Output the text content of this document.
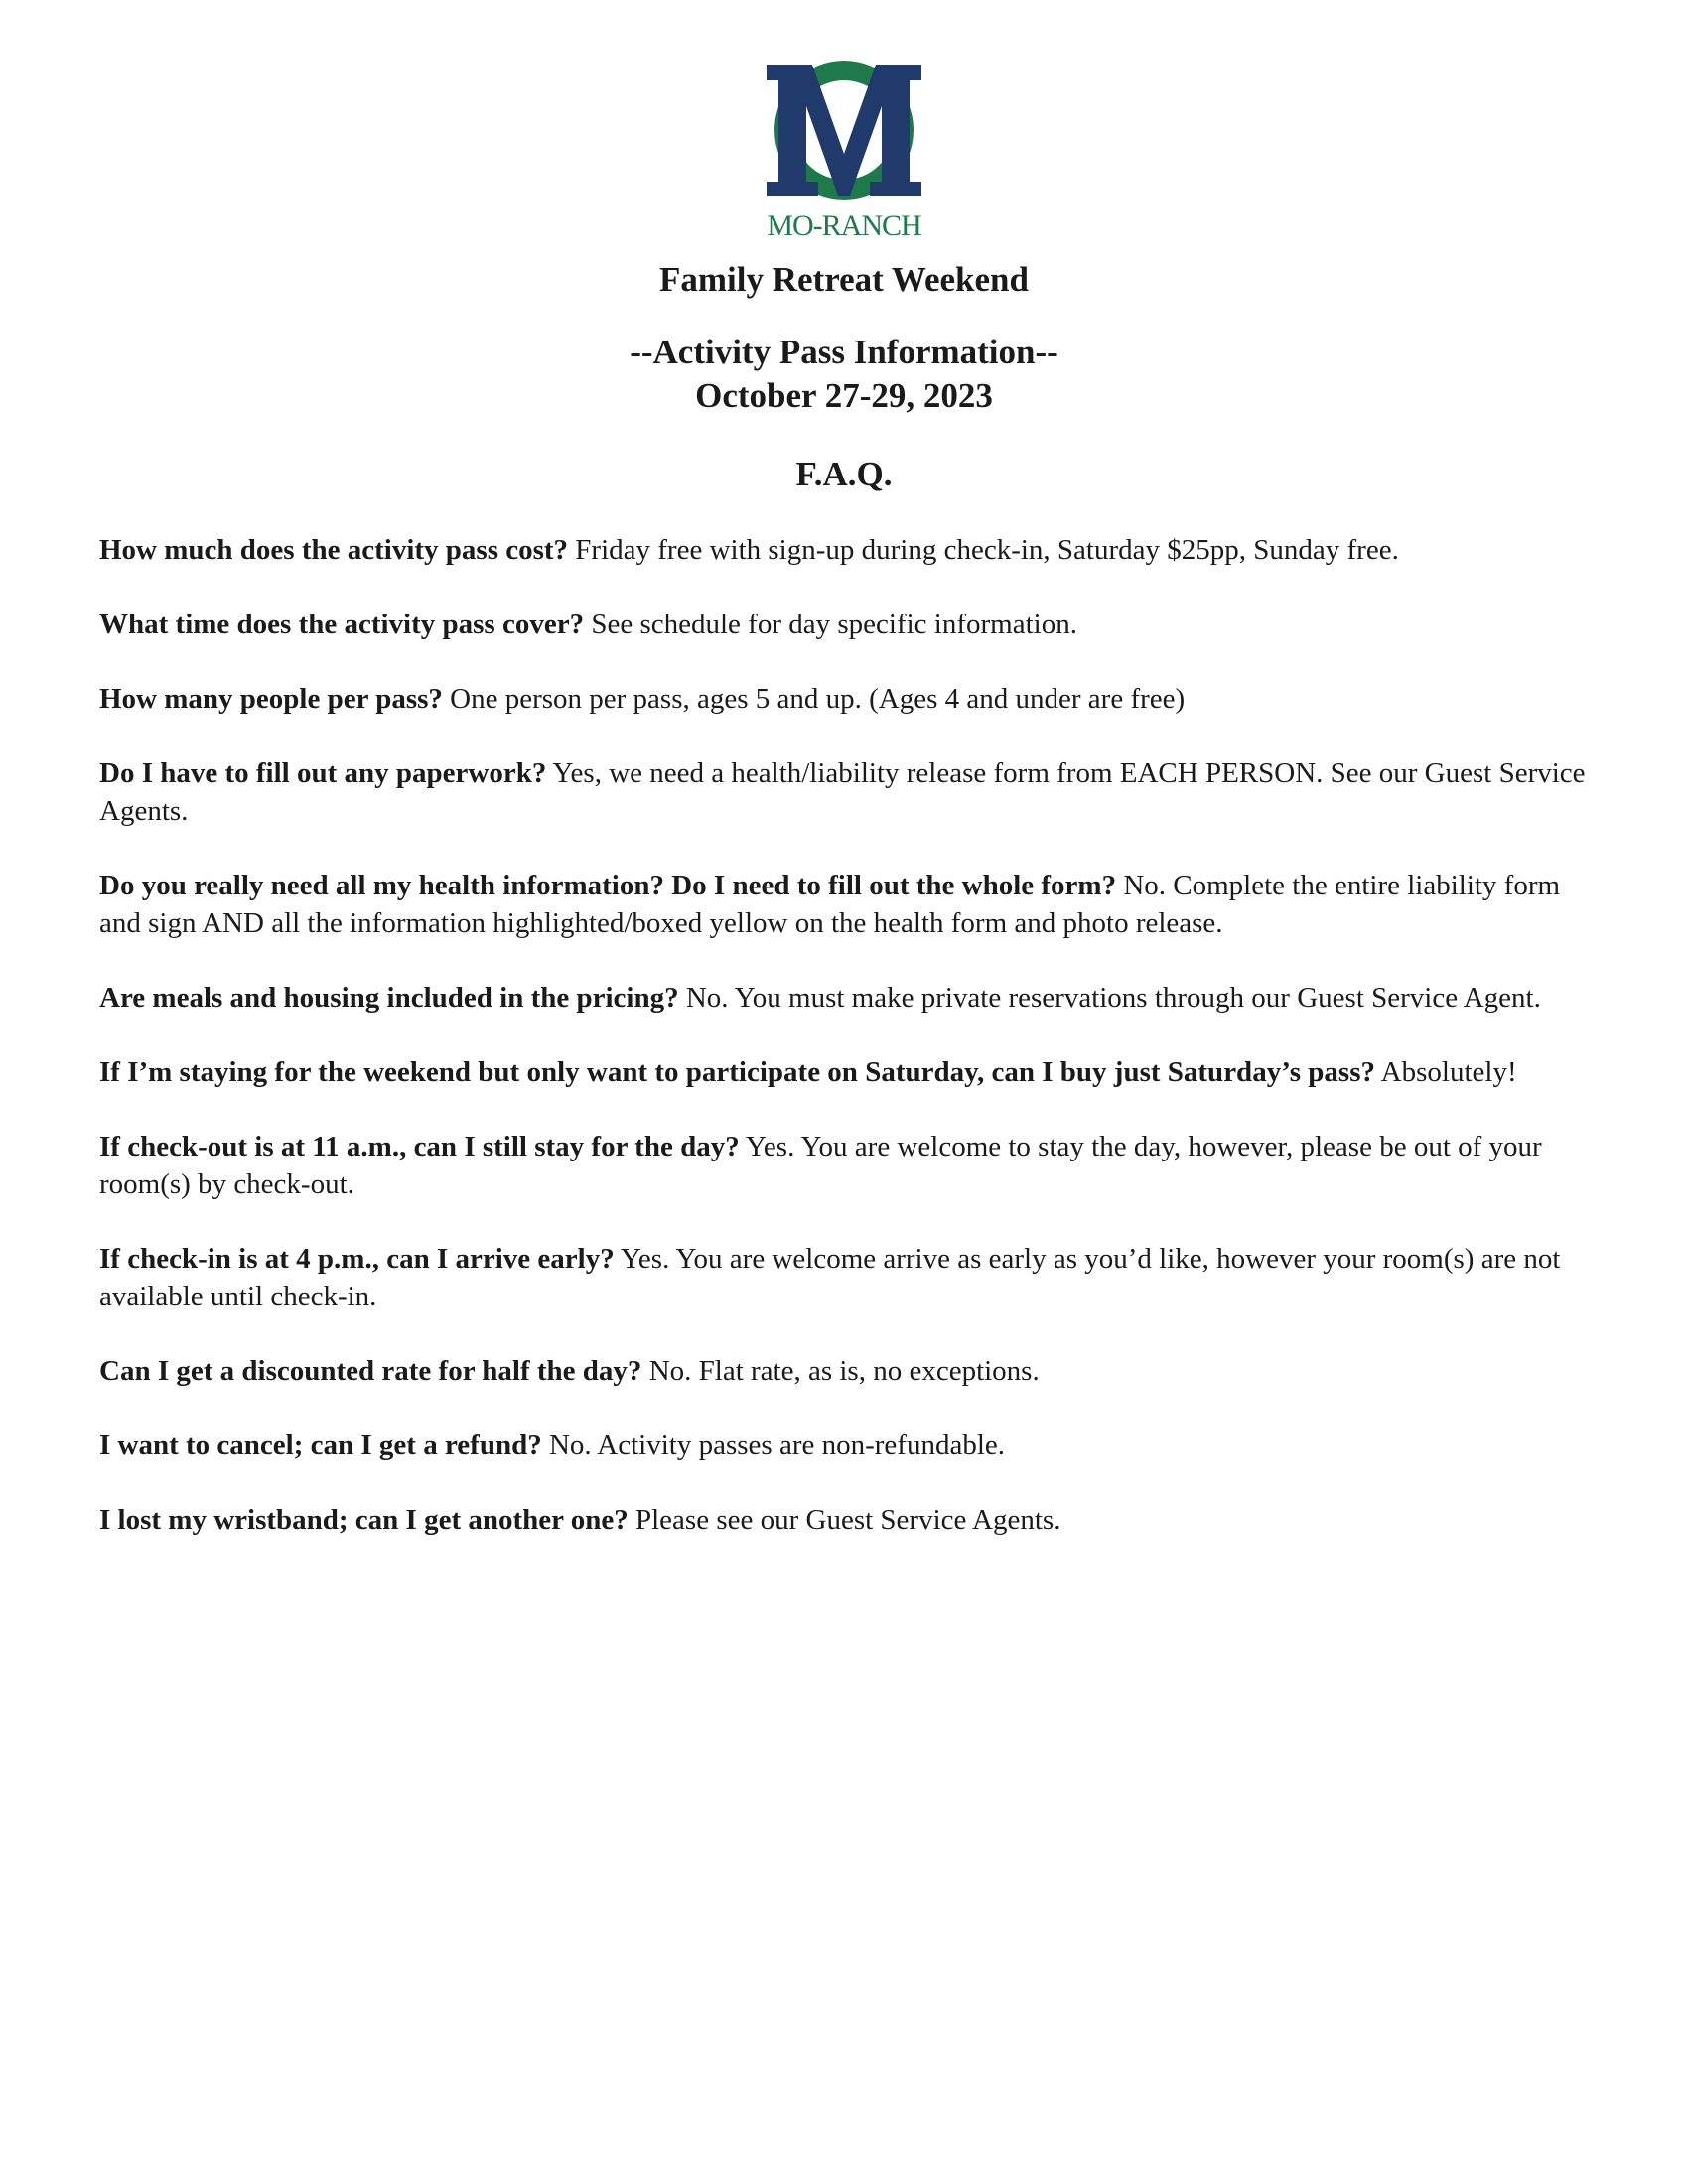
MO-RANCH
Family Retreat Weekend
--Activity Pass Information--
October 27-29, 2023
F.A.Q.

How much does the activity pass cost? Friday free with sign-up during check-in, Saturday $25pp, Sunday free.

What time does the activity pass cover? See schedule for day specific information.

How many people per pass? One person per pass, ages 5 and up. (Ages 4 and under are free)

Do I have to fill out any paperwork? Yes, we need a health/liability release form from EACH PERSON. See our Guest Service Agents.

Do you really need all my health information? Do I need to fill out the whole form? No. Complete the entire liability form and sign AND all the information highlighted/boxed yellow on the health form and photo release.

Are meals and housing included in the pricing? No. You must make private reservations through our Guest Service Agent.

If I’m staying for the weekend but only want to participate on Saturday, can I buy just Saturday’s pass? Absolutely!

If check-out is at 11 a.m., can I still stay for the day? Yes. You are welcome to stay the day, however, please be out of your room(s) by check-out.

If check-in is at 4 p.m., can I arrive early? Yes. You are welcome arrive as early as you’d like, however your room(s) are not available until check-in.

Can I get a discounted rate for half the day? No. Flat rate, as is, no exceptions.

I want to cancel; can I get a refund? No. Activity passes are non-refundable.

I lost my wristband; can I get another one? Please see our Guest Service Agents.
